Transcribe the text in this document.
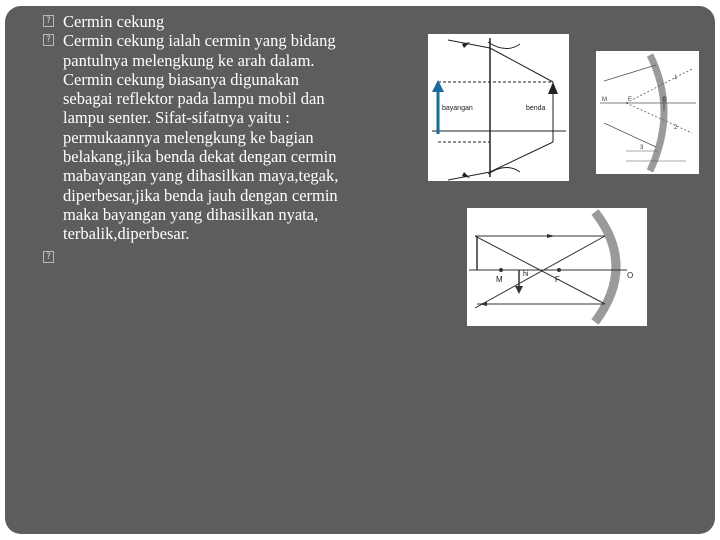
? Cermin cekung

? Cermin cekung ialah cermin yang bidang pantulnya melengkung ke arah dalam. Cermin cekung biasanya digunakan sebagai reflektor pada lampu mobil dan lampu senter. Sifat-sifatnya yaitu : permukaannya melengkung ke bagian belakang,jika benda dekat dengan cermin mabayangan yang dihasilkan maya,tegak, diperbesar,jika benda jauh dengan cermin maka bayangan yang dihasilkan nyata, terbalik,diperbesar.

?

bayangan	benda
M	F	O
1
2
3
M
hi
F	O
